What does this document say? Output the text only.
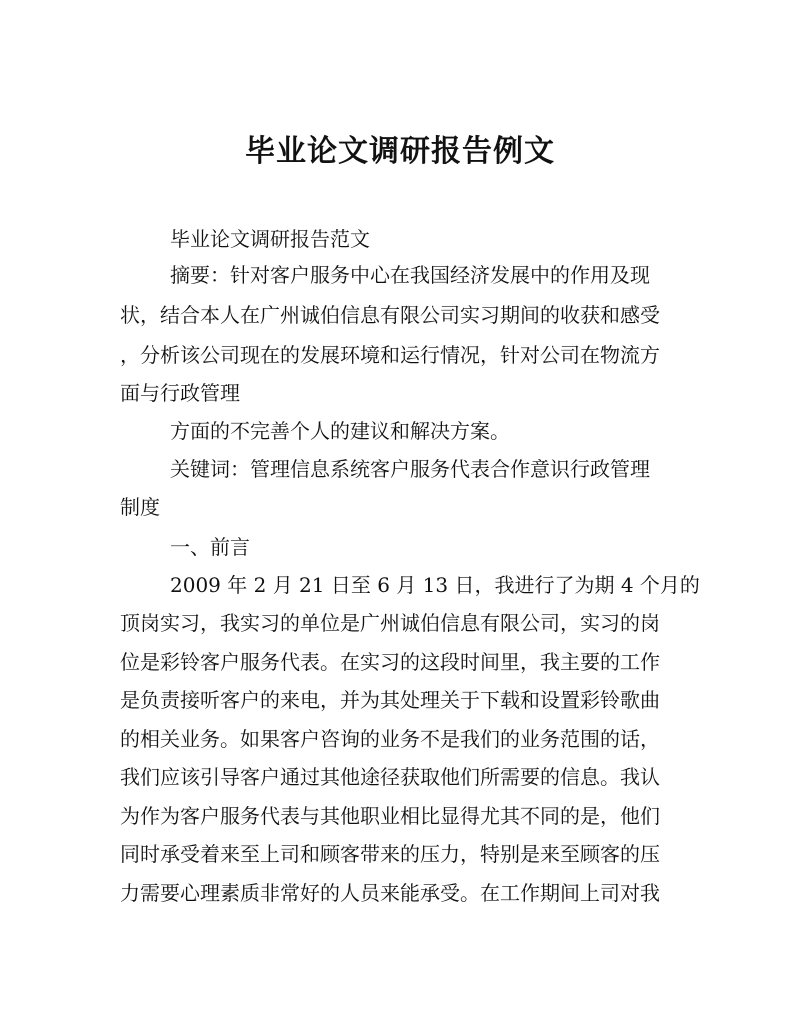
毕业论文调研报告例文
毕业论文调研报告范文
摘要：针对客户服务中心在我国经济发展中的作用及现
状，结合本人在广州诚伯信息有限公司实习期间的收获和感受
，分析该公司现在的发展环境和运行情况，针对公司在物流方
面与行政管理
方面的不完善个人的建议和解决方案。
关键词：管理信息系统客户服务代表合作意识行政管理
制度
一、前言
2009 年 2 月 21 日至 6 月 13 日，我进行了为期 4 个月的
顶岗实习，我实习的单位是广州诚伯信息有限公司，实习的岗
位是彩铃客户服务代表。在实习的这段时间里，我主要的工作
是负责接听客户的来电，并为其处理关于下载和设置彩铃歌曲
的相关业务。如果客户咨询的业务不是我们的业务范围的话，
我们应该引导客户通过其他途径获取他们所需要的信息。我认
为作为客户服务代表与其他职业相比显得尤其不同的是，他们
同时承受着来至上司和顾客带来的压力，特别是来至顾客的压
力需要心理素质非常好的人员来能承受。在工作期间上司对我
